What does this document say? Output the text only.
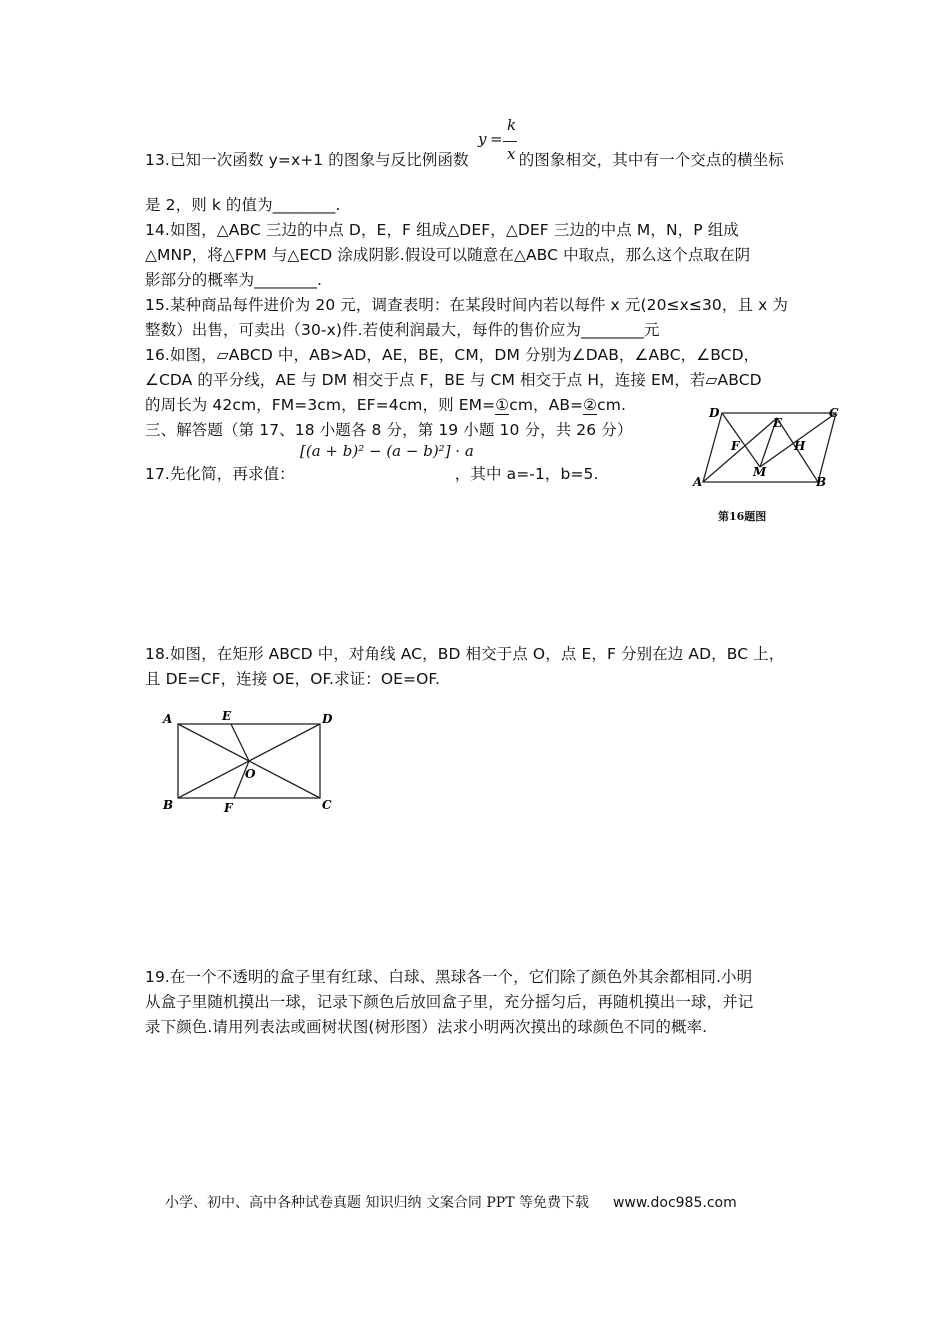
13.已知一次函数 y=x+1 的图象与反比例函数	的图象相交，其中有一个交点的横坐标
y =
k
x
是 2，则 k 的值为________.
14.如图，△ABC 三边的中点 D，E，F 组成△DEF，△DEF 三边的中点 M，N，P 组成
△MNP，将△FPM 与△ECD 涂成阴影.假设可以随意在△ABC 中取点，那么这个点取在阴
影部分的概率为________.
15.某种商品每件进价为 20 元，调查表明：在某段时间内若以每件 x 元(20≤x≤30，且 x 为
整数）出售，可卖出（30-x)件.若使利润最大，每件的售价应为________元
16.如图，▱ABCD 中，AB>AD，AE，BE，CM，DM 分别为∠DAB，∠ABC，∠BCD，
∠CDA 的平分线，AE 与 DM 相交于点 F，BE 与 CM 相交于点 H，连接 EM，若▱ABCD
的周长为 42cm，FM=3cm，EF=4cm，则 EM=①cm，AB=②cm.	D	C
A	B
E
F	H
M
第16题图
三、解答题（第 17、18 小题各 8 分，第 19 小题 10 分，共 26 分）
17.先化简，再求值：	，其中 a=-1，b=5.
[(a + b)² − (a − b)²] · a
18.如图，在矩形 ABCD 中，对角线 AC，BD 相交于点 O，点 E，F 分别在边 AD，BC 上，
且 DE=CF，连接 OE，OF.求证：OE=OF.
A	E	D
O
B	F	C
19.在一个不透明的盒子里有红球、白球、黑球各一个，它们除了颜色外其余都相同.小明
从盒子里随机摸出一球，记录下颜色后放回盒子里，充分摇匀后，再随机摸出一球，并记
录下颜色.请用列表法或画树状图(树形图）法求小明两次摸出的球颜色不同的概率.
小学、初中、高中各种试卷真题 知识归纳 文案合同 PPT 等免费下载 www.doc985.com
